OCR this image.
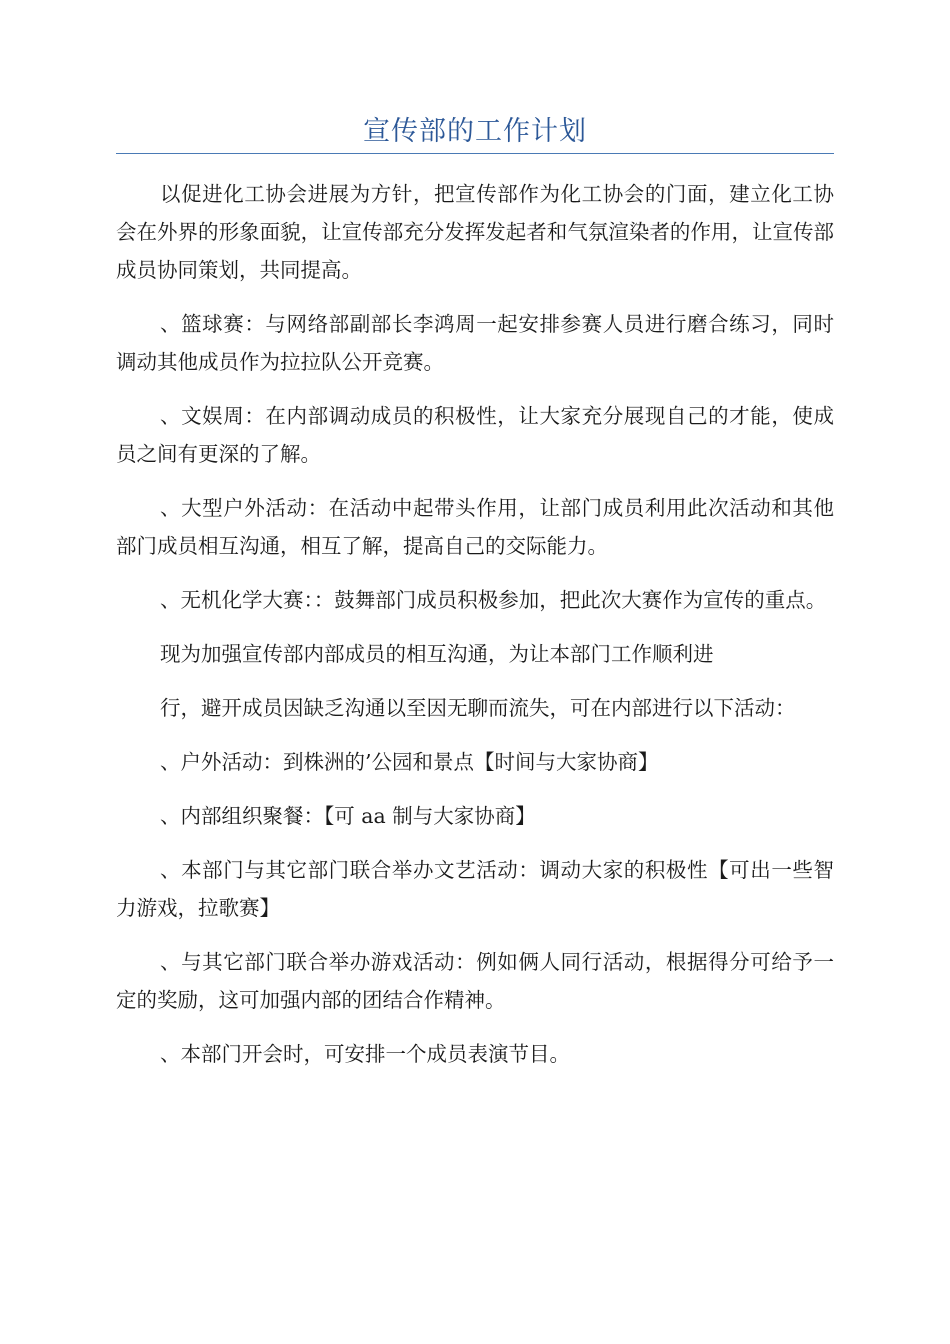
宣传部的工作计划

以促进化工协会进展为方针，把宣传部作为化工协会的门面，建立化工协会在外界的形象面貌，让宣传部充分发挥发起者和气氛渲染者的作用，让宣传部成员协同策划，共同提高。

、篮球赛：与网络部副部长李鸿周一起安排参赛人员进行磨合练习，同时调动其他成员作为拉拉队公开竞赛。

、文娱周：在内部调动成员的积极性，让大家充分展现自己的才能，使成员之间有更深的了解。

、大型户外活动：在活动中起带头作用，让部门成员利用此次活动和其他部门成员相互沟通，相互了解，提高自己的交际能力。

、无机化学大赛：：鼓舞部门成员积极参加，把此次大赛作为宣传的重点。

现为加强宣传部内部成员的相互沟通，为让本部门工作顺利进

行，避开成员因缺乏沟通以至因无聊而流失，可在内部进行以下活动：

、户外活动：到株洲的’公园和景点【时间与大家协商】

、内部组织聚餐：【可 aa 制与大家协商】

、本部门与其它部门联合举办文艺活动：调动大家的积极性【可出一些智力游戏，拉歌赛】

、与其它部门联合举办游戏活动：例如俩人同行活动，根据得分可给予一定的奖励，这可加强内部的团结合作精神。

、本部门开会时，可安排一个成员表演节目。
